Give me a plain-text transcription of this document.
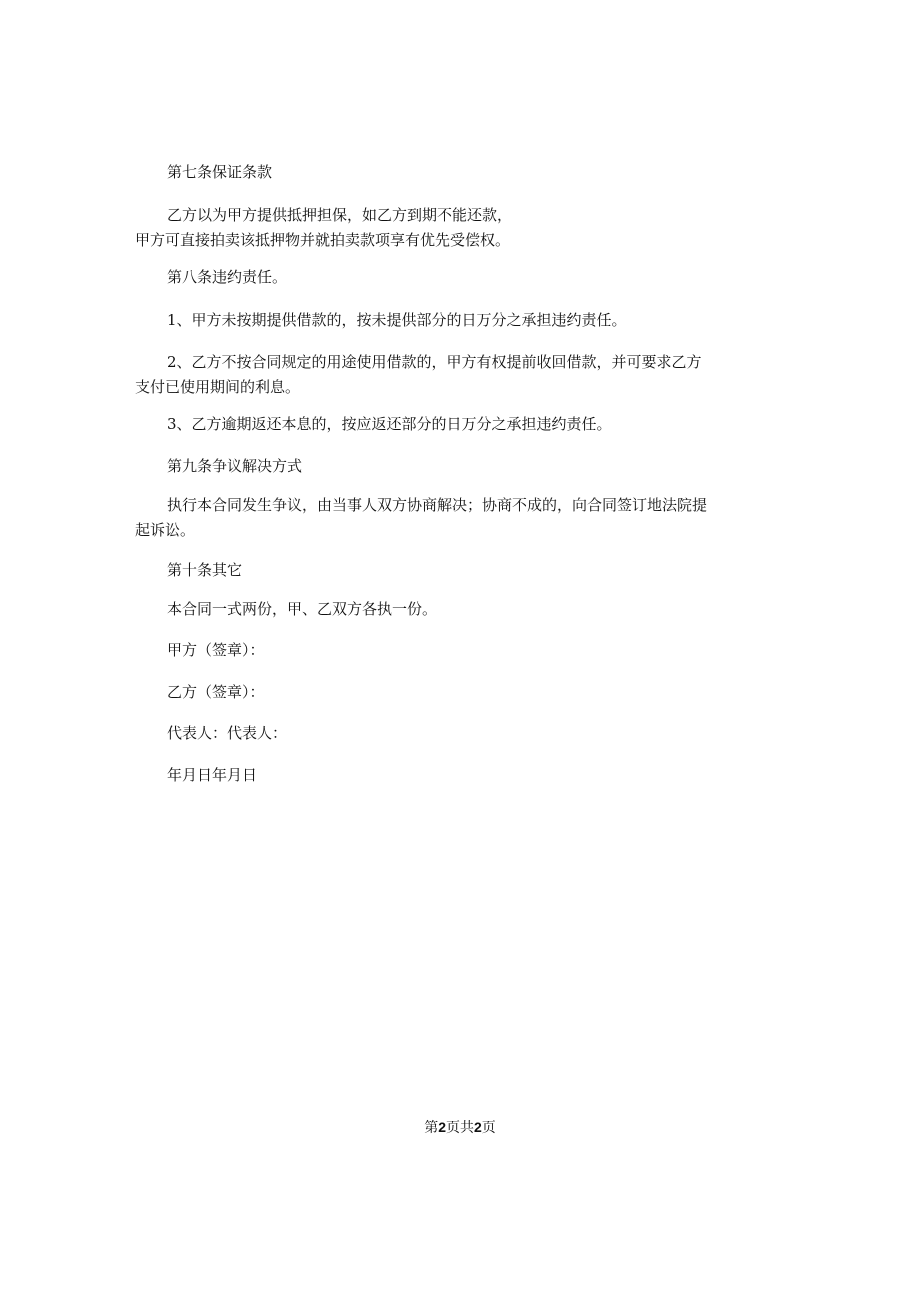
第七条保证条款

乙方以为甲方提供抵押担保，如乙方到期不能还款，
甲方可直接拍卖该抵押物并就拍卖款项享有优先受偿权。

第八条违约责任。

1、甲方未按期提供借款的，按未提供部分的日万分之承担违约责任。

2、乙方不按合同规定的用途使用借款的，甲方有权提前收回借款，并可要求乙方
支付已使用期间的利息。

3、乙方逾期返还本息的，按应返还部分的日万分之承担违约责任。

第九条争议解决方式

执行本合同发生争议，由当事人双方协商解决；协商不成的，向合同签订地法院提
起诉讼。

第十条其它

本合同一式两份，甲、乙双方各执一份。

甲方（签章）：

乙方（签章）：

代表人：代表人：

年月日年月日

第2页共2页
